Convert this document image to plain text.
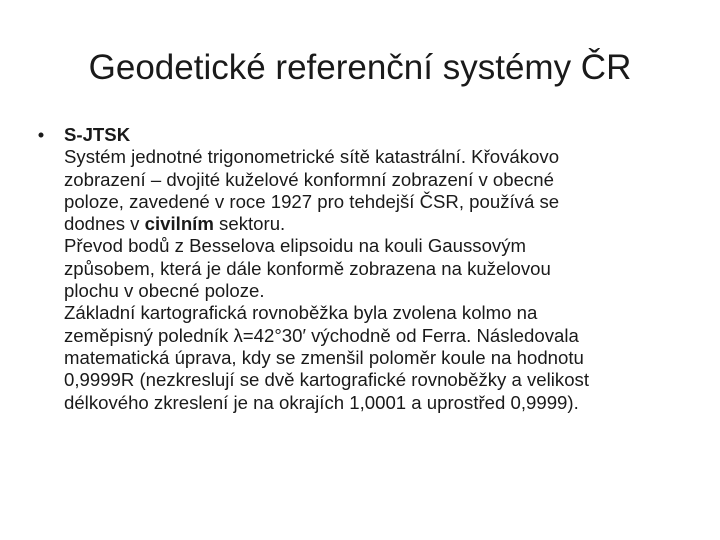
Geodetické referenční systémy ČR
• S-JTSK
Systém jednotné trigonometrické sítě katastrální. Křovákovo
zobrazení – dvojité kuželové konformní zobrazení v obecné
poloze, zavedené v roce 1927 pro tehdejší ČSR, používá se
dodnes v civilním sektoru.
Převod bodů z Besselova elipsoidu na kouli Gaussovým
způsobem, která je dále konformě zobrazena na kuželovou
plochu v obecné poloze.
Základní kartografická rovnoběžka byla zvolena kolmo na
zeměpisný poledník λ=42°30′ východně od Ferra. Následovala
matematická úprava, kdy se zmenšil poloměr koule na hodnotu
0,9999R (nezkreslují se dvě kartografické rovnoběžky a velikost
délkového zkreslení je na okrajích 1,0001 a uprostřed 0,9999).
